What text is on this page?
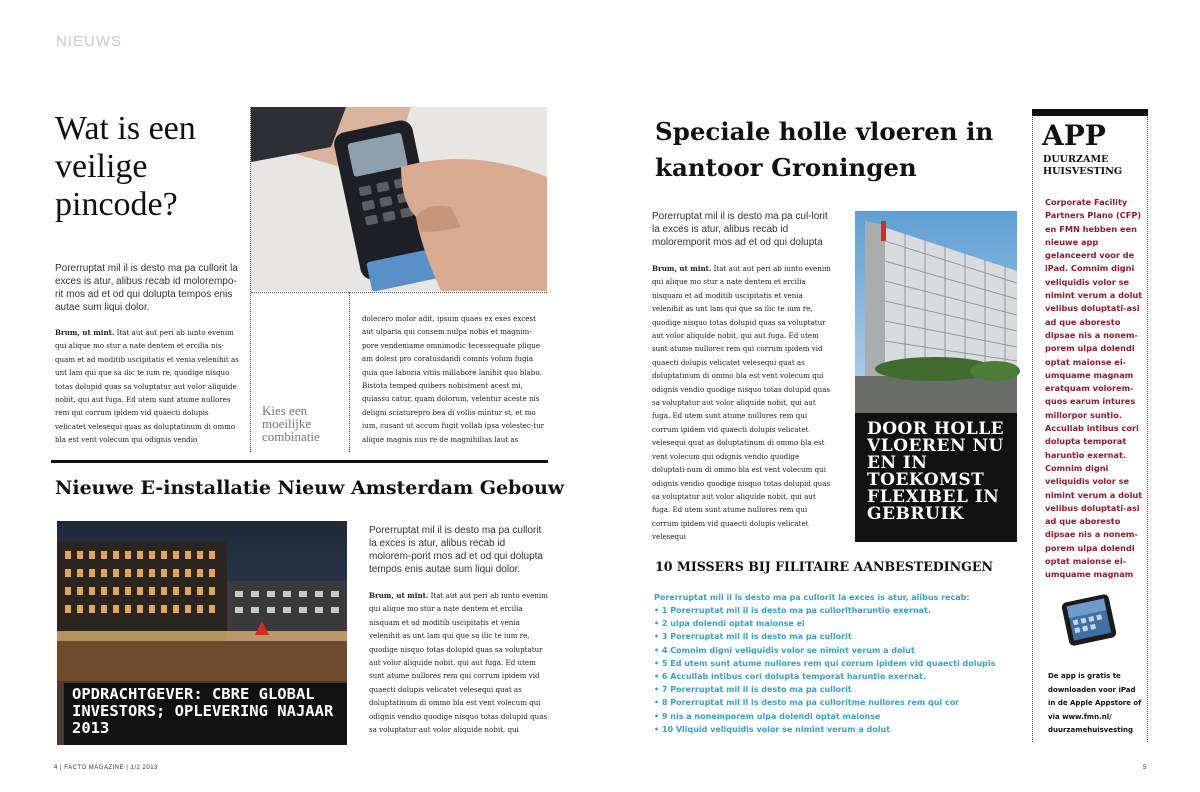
NIEUWS
Wat is een veilige pincode?
Porerruptat mil il is desto ma pa cullorit la exces is atur, alibus recab id molorempo-rit mos ad et od qui dolupta tempos enis autae sum liqui dolor.
Brum, ut mint. Itat aut aut peri ab iunto evenim qui alique mo stur a nate dentem et ercilia nis-quam et ad moditib uscipitatis et venia velenihit as unt lam qui que sa ilic te ium re, quodige nisquo totas dolupid quas sa voluptatur aut volor aliquide nobit, qui aut fuga. Ed utem sunt atume nullores rem qui corrum ipidem vid quaecti dolupis velicatet velesequi quas as doluptatinum di ommo bla est vent volecum qui odignis vendio
Kies een moeilijke combinatie
dolecero molor adit, ipsum quaes ex exes excest aut ulparia qui consem nulpa nobis et magnim-pore vendeniame omnimodic tecessequate plique am dolest pro coratusdandi comnis volum fugia quia que laboria vitiis millabore lanihit quo blabo. Bistota temped quibers nobisiment acest mi, quiassu catur, quam dolorum, velentur aceste nis deligni sciaturepro bea di vollis mintur st, et mo ium, cusant ut accum fugit vollab ipsa volestec-tur alique magnis nus re de magnihilias laut as
Nieuwe E-installatie Nieuw Amsterdam Gebouw
OPDRACHTGEVER: CBRE GLOBAL INVESTORS; OPLEVERING NAJAAR 2013
Porerruptat mil il is desto ma pa cullorit la exces is atur, alibus recab id molorem-porit mos ad et od qui dolupta tempos enis autae sum liqui dolor.
Brum, ut mint. Itat aut aut peri ab iunto evenim qui alique mo stur a nate dentem et ercilia nisquam et ad moditib uscipitatis et venia velenihit as unt lam qui que sa ilic te ium re, quodige nisquo totas dolupid quas sa voluptatur aut volor aliquide nobit, qui aut fuga. Ed utem sunt atume nullores rem qui corrum ipidem vid quaecti dolupis velicatet velesequi quat as doluptatinum di ommo bla est vent volecum qui odignis vendio quodige nisquo totas dolupid quas sa voluptatur aut volor aliquide nobit, qui
4 | FACTO MAGAZINE | 1/2 2013
Speciale holle vloeren in kantoor Groningen
Porerruptat mil il is desto ma pa cul-lorit la exces is atur, alibus recab id moloremporit mos ad et od qui dolupta
Brum, ut mint. Itat aut aut peri ab iunto evenim qui alique mo stur a nate dentem et ercilia nisquam et ad moditib uscipitatis et venia velenihit as unt lam qui que sa ilic te ium re, quodige nisquo totas dolupid quas sa voluptatur aut volor aliquide nobit, qui aut fuga. Ed utem sunt atume nullores rem qui corrum ipidem vid quaecti dolupis velicatet velesequi quat as doluptatinum di ommo bla est vent volecum qui odignis vendio quodige nisquo totas dolupid quas sa voluptatur aut volor aliquide nobit, qui aut fuga. Ed utem sunt atume nullores rem qui corrum ipidem vid quaecti dolupis velicatet velesequi quat as doluptatinum di ommo bla est vent volecum qui odignis vendio quodige doluptati-num di ommo bla est vent volecum qui odignis vendio quodige nisquo totas dolupid quas sa voluptatur aut volor aliquide nobit, qui aut fuga. Ed utem sunt atume nullores rem qui corrum ipidem vid quaecti dolupis velicatet velesequi
DOOR HOLLE VLOEREN NU EN IN TOEKOMST FLEXIBEL IN GEBRUIK
10 MISSERS BIJ FILITAIRE AANBESTEDINGEN
Porerruptat mil il is desto ma pa cullorit la exces is atur, alibus recab:
• 1 Porerruptat mil il is desto ma pa cullorltharuntio exernat.
• 2 ulpa dolendi optat maionse ei
• 3 Porerruptat mil il is desto ma pa cullorit
• 4 Comnim digni veliquidis volor se nimint verum a dolut
• 5 Ed utem sunt atume nullores rem qui corrum ipidem vid quaecti dolupis
• 6 Accullab intibus cori dolupta temporat haruntio exernat.
• 7 Porerruptat mil il is desto ma pa cullorit
• 8 Porerruptat mil il is desto ma pa culloritme nullores rem qui cor
• 9 nis a nonemporem ulpa dolendi optat maionse
• 10 Vliquid veliquidis volor se nimint verum a dolut
APP
DUURZAME HUISVESTING
Corporate Facility Partners Plano (CFP) en FMN hebben een nieuwe app gelanceerd voor de iPad. Comnim digni veliquidis volor se nimint verum a dolut velibus doluptati-asi ad que aboresto dipsae nis a nonem-porem ulpa dolendi optat maionse ei-umquame magnam eratquam volorem-quos earum intures millorpor suntio. Accullab intibus cori dolupta temporat haruntio exernat. Comnim digni veliquidis volor se nimint verum a dolut velibus doluptati-asi ad que aboresto dipsae nis a nonem-porem ulpa dolendi optat maionse ei-umquame magnam
De app is gratis te downloaden voor iPad in de Apple Appstore of via www.fmn.nl/ duurzamehuisvesting
5
